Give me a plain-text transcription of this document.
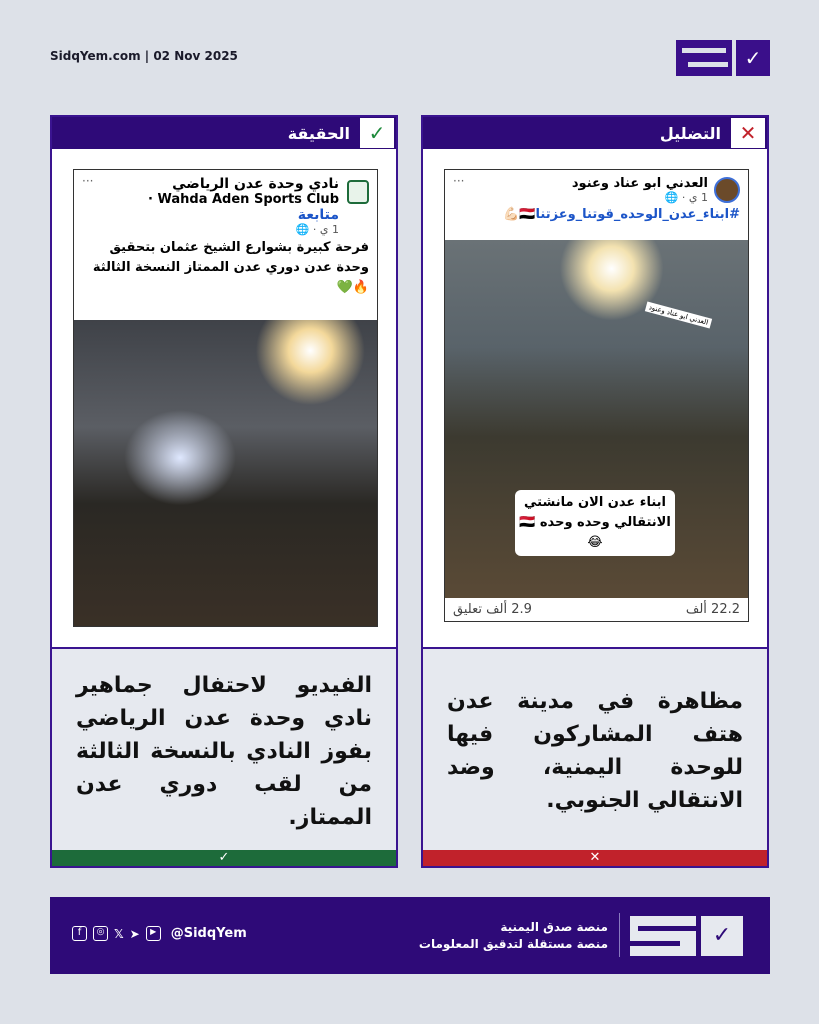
SidqYem.com | 02 Nov 2025	✓
التضليل ✕
العدني ابو عناد وعنود
1 ي · 🌐
···
#ابناء_عدن_الوحده_قوتنا_وعزتنا🇾🇪💪🏻
العدني ابو عناد وعنود
ابناء عدن الان مانشتي الانتقالي وحده وحده 🇾🇪😂
22.2 ألف
2.9 ألف تعليق
مظاهرة في مدينة عدن هتف المشاركون فيها للوحدة اليمنية، وضد الانتقالي الجنوبي.
✕
الحقيقة ✓
نادي وحدة عدن الرياضي
· Wahda Aden Sports Club
متابعة
1 ي · 🌐
···
فرحة كبيرة بشوارع الشيخ عثمان بتحقيق وحدة عدن دوري عدن الممتاز النسخة الثالثة🔥💚
الفيديو لاحتفال جماهير نادي وحدة عدن الرياضي بفوز النادي بالنسخة الثالثة من لقب دوري عدن الممتاز.
✓
f	◎ 𝕏 ➤	▶	@SidqYem	منصة صدق اليمنية
منصة مستقلة لتدقيق المعلومات	✓
